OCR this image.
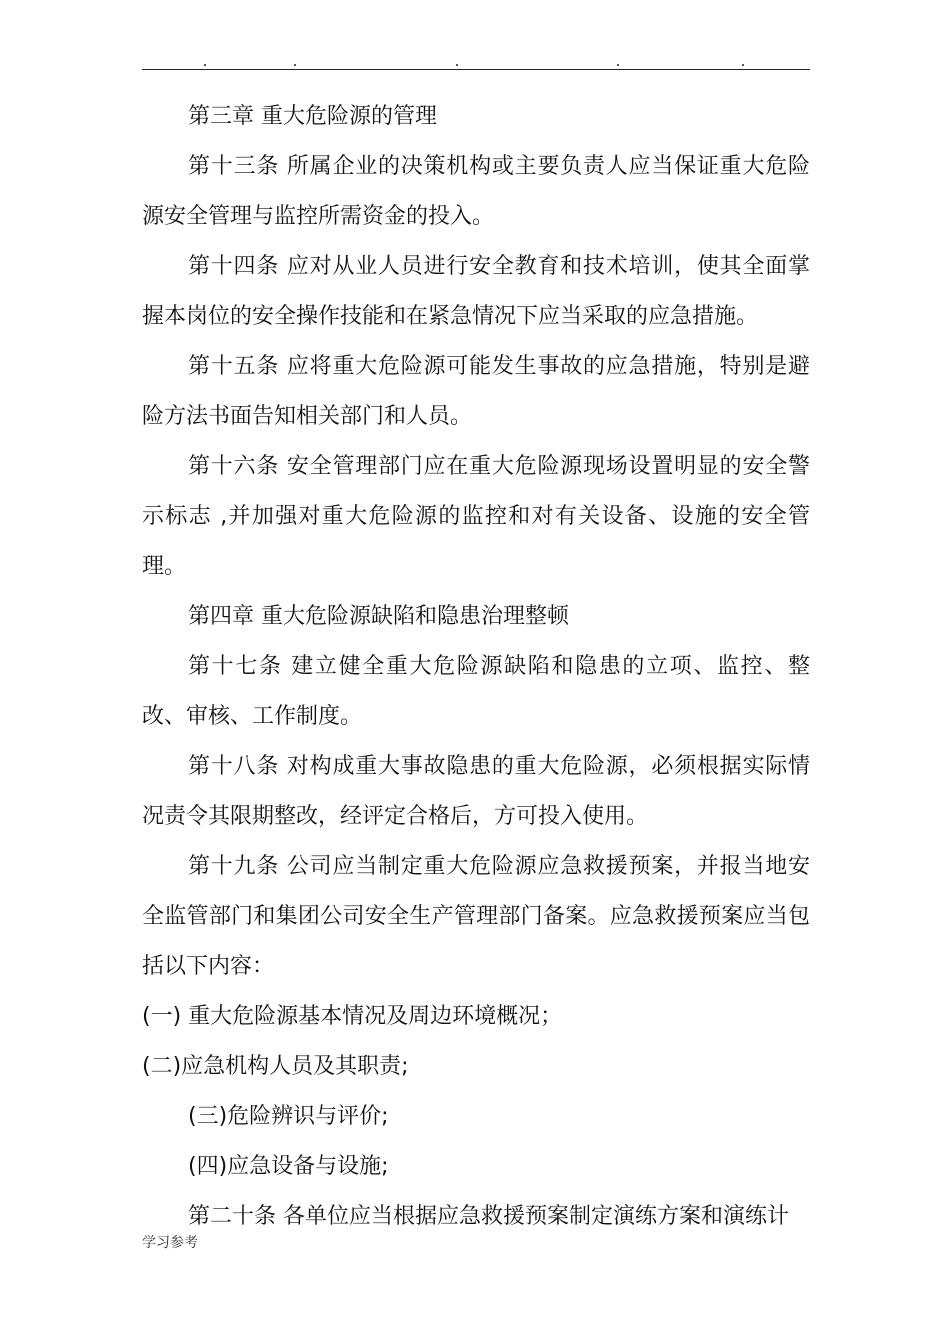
第三章 重大危险源的管理

第十三条 所属企业的决策机构或主要负责人应当保证重大危险源安全管理与监控所需资金的投入。

第十四条 应对从业人员进行安全教育和技术培训，使其全面掌握本岗位的安全操作技能和在紧急情况下应当采取的应急措施。

第十五条 应将重大危险源可能发生事故的应急措施，特别是避险方法书面告知相关部门和人员。

第十六条 安全管理部门应在重大危险源现场设置明显的安全警示标志 ,并加强对重大危险源的监控和对有关设备、设施的安全管理。

第四章 重大危险源缺陷和隐患治理整顿

第十七条 建立健全重大危险源缺陷和隐患的立项、监控、整改、审核、工作制度。

第十八条 对构成重大事故隐患的重大危险源，必须根据实际情况责令其限期整改，经评定合格后，方可投入使用。

第十九条 公司应当制定重大危险源应急救援预案，并报当地安全监管部门和集团公司安全生产管理部门备案。应急救援预案应当包括以下内容：

(一) 重大危险源基本情况及周边环境概况；

(二)应急机构人员及其职责;

(三)危险辨识与评价;

(四)应急设备与设施;

第二十条 各单位应当根据应急救援预案制定演练方案和演练计

学习参考
